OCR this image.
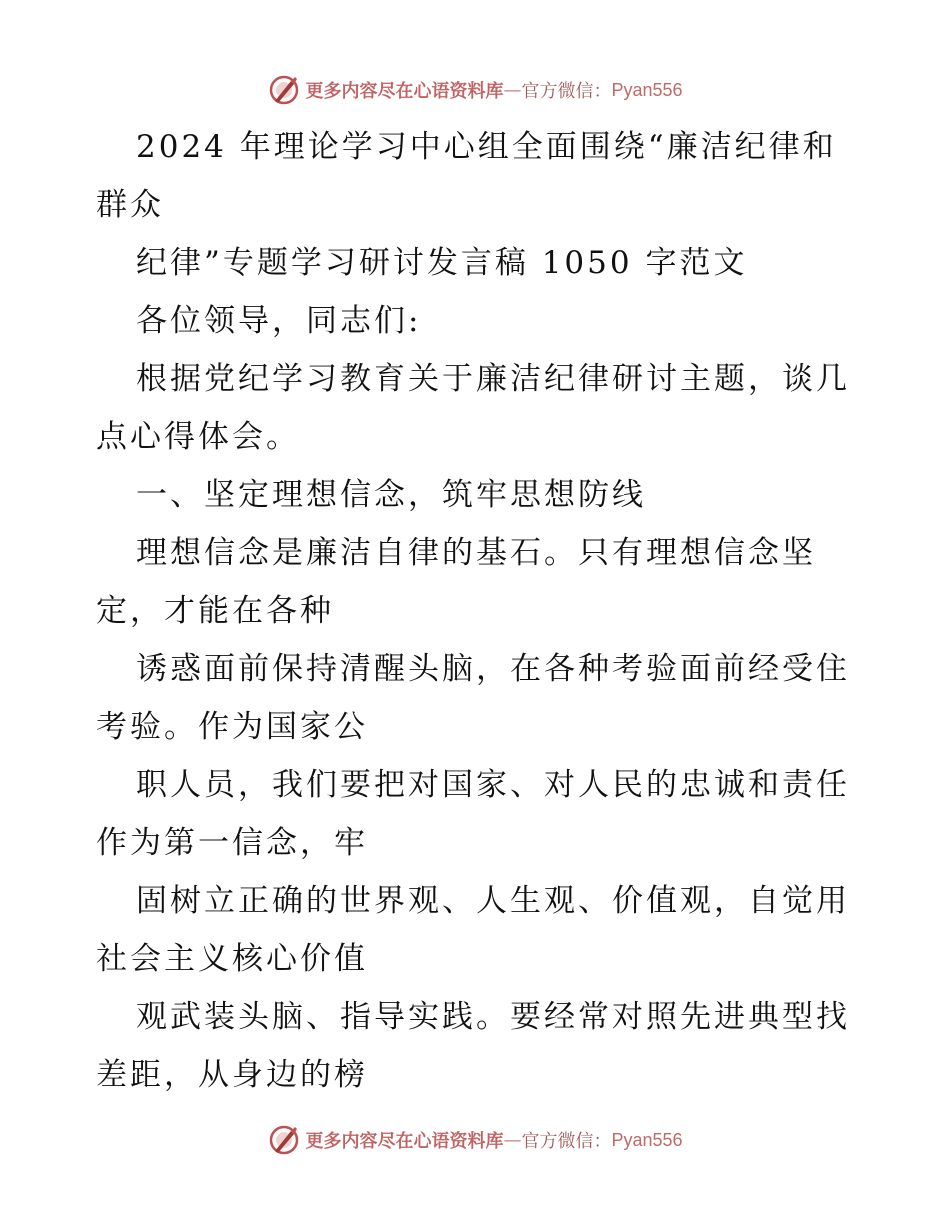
更多内容尽在心语资料库 — 官方微信： Pyan556
2024 年理论学习中心组全面围绕“廉洁纪律和
群众
纪律”专题学习研讨发言稿 1050 字范文
各位领导，同志们:
根据党纪学习教育关于廉洁纪律研讨主题，谈几
点心得体会。
一、坚定理想信念，筑牢思想防线
理想信念是廉洁自律的基石。只有理想信念坚
定，才能在各种
诱惑面前保持清醒头脑，在各种考验面前经受住
考验。作为国家公
职人员，我们要把对国家、对人民的忠诚和责任
作为第一信念，牢
固树立正确的世界观、人生观、价值观，自觉用
社会主义核心价值
观武装头脑、指导实践。要经常对照先进典型找
差距，从身边的榜
更多内容尽在心语资料库 — 官方微信： Pyan556
